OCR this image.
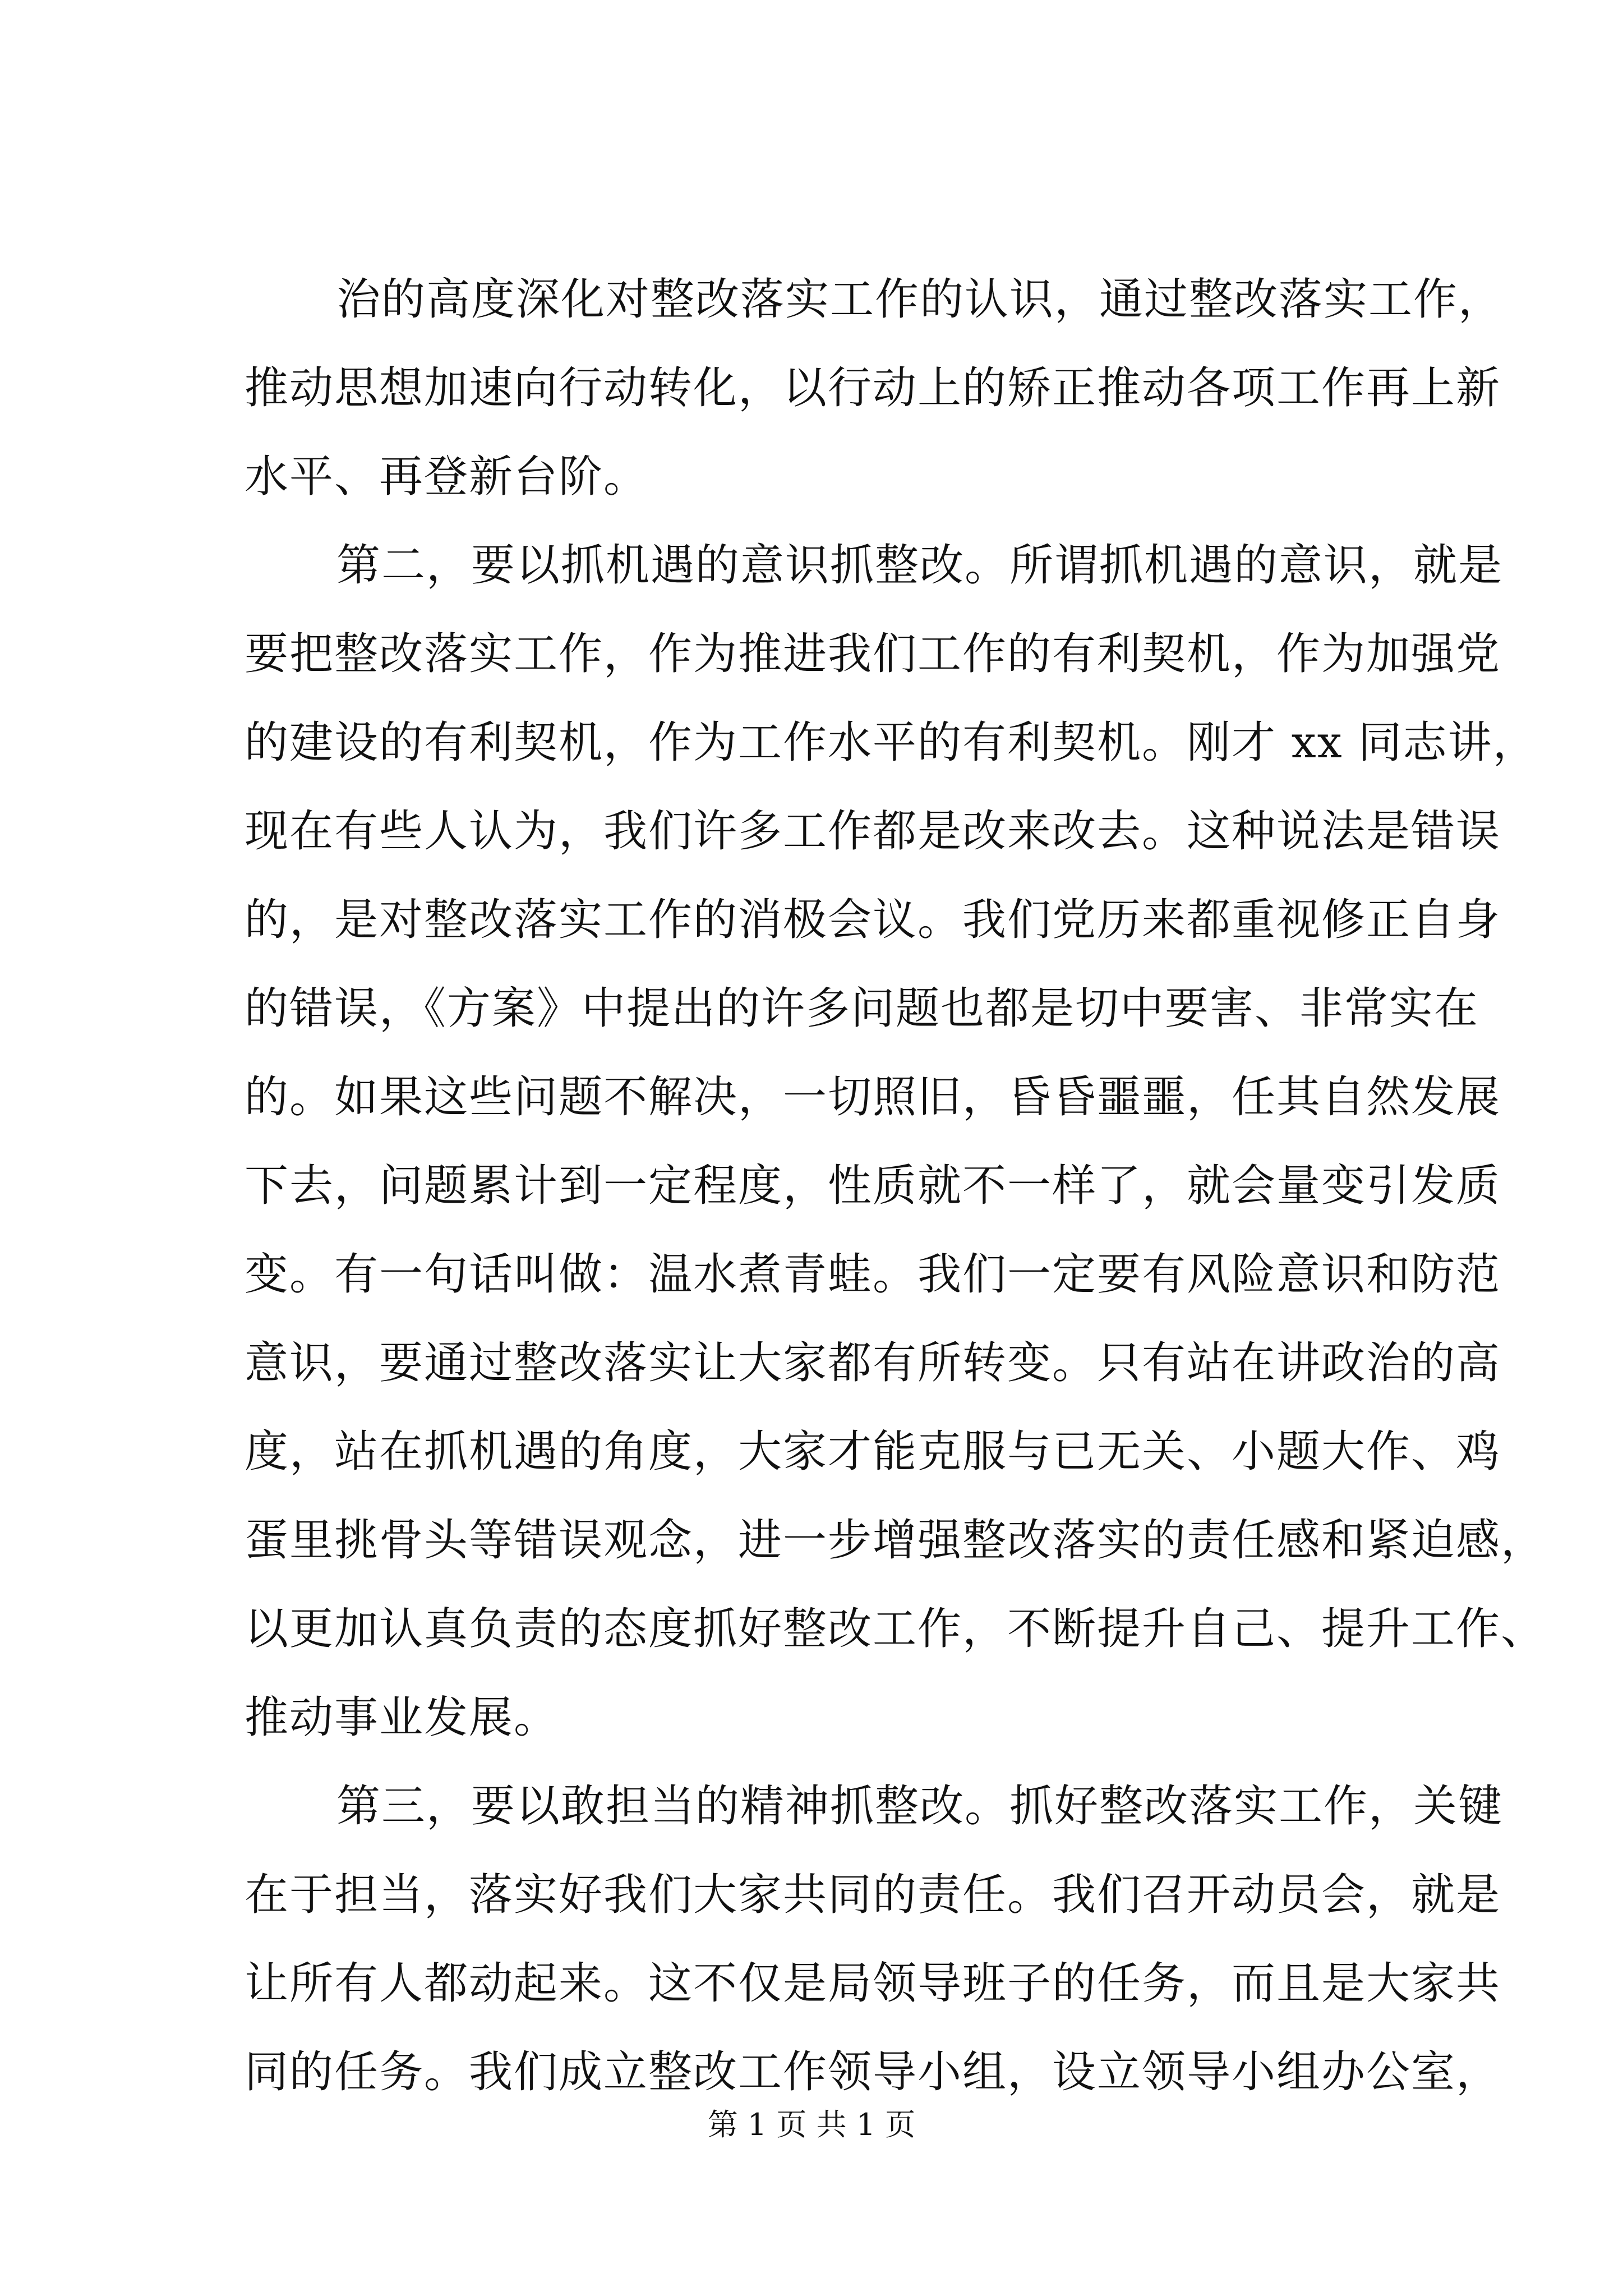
治的高度深化对整改落实工作的认识，通过整改落实工作，
推动思想加速向行动转化，以行动上的矫正推动各项工作再上新
水平、再登新台阶。
第二，要以抓机遇的意识抓整改。所谓抓机遇的意识，就是
要把整改落实工作，作为推进我们工作的有利契机，作为加强党
的建设的有利契机，作为工作水平的有利契机。刚才 xx 同志讲，
现在有些人认为，我们许多工作都是改来改去。这种说法是错误
的，是对整改落实工作的消极会议。我们党历来都重视修正自身
的错误，《方案》中提出的许多问题也都是切中要害、非常实在
的。如果这些问题不解决，一切照旧，昏昏噩噩，任其自然发展
下去，问题累计到一定程度，性质就不一样了，就会量变引发质
变。有一句话叫做：温水煮青蛙。我们一定要有风险意识和防范
意识，要通过整改落实让大家都有所转变。只有站在讲政治的高
度，站在抓机遇的角度，大家才能克服与已无关、小题大作、鸡
蛋里挑骨头等错误观念，进一步增强整改落实的责任感和紧迫感，
以更加认真负责的态度抓好整改工作，不断提升自己、提升工作、
推动事业发展。
第三，要以敢担当的精神抓整改。抓好整改落实工作，关键
在于担当，落实好我们大家共同的责任。我们召开动员会，就是
让所有人都动起来。这不仅是局领导班子的任务，而且是大家共
同的任务。我们成立整改工作领导小组，设立领导小组办公室，
第 1 页 共 1 页
